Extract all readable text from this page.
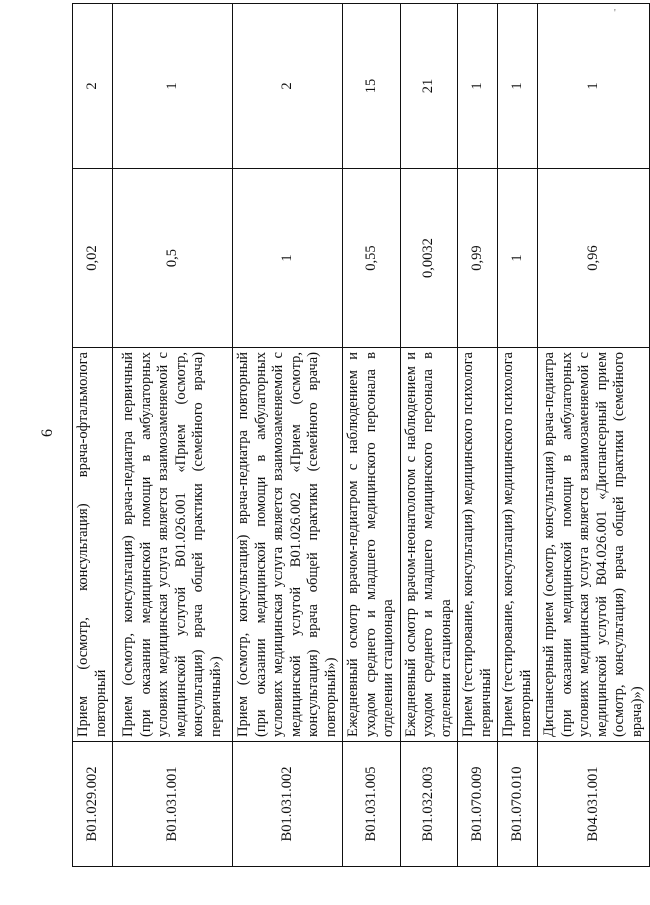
'
6
B01.029.002	Прием (осмотр, консультация) врача-офтальмолога повторный	0,02	2
B01.031.001	Прием (осмотр, консультация) врача-педиатра первичный (при оказании медицинской помощи в амбулаторных условиях медицинская услуга является взаимозаменяемой с медицинской услугой B01.026.001 «Прием (осмотр, консультация) врача общей практики (семейного врача) первичный»)	0,5	1
B01.031.002	Прием (осмотр, консультация) врача-педиатра повторный (при оказании медицинской помощи в амбулаторных условиях медицинская услуга является взаимозаменяемой с медицинской услугой B01.026.002 «Прием (осмотр, консультация) врача общей практики (семейного врача) повторный»)	1	2
B01.031.005	Ежедневный осмотр врачом-педиатром с наблюдением и уходом среднего и младшего медицинского персонала в отделении стационара	0,55	15
B01.032.003	Ежедневный осмотр врачом-неонатологом с наблюдением и уходом среднего и младшего медицинского персонала в отделении стационара	0,0032	21
B01.070.009	Прием (тестирование, консультация) медицинского психолога первичный	0,99	1
B01.070.010	Прием (тестирование, консультация) медицинского психолога повторный	1	1
B04.031.001	Диспансерный прием (осмотр, консультация) врача-педиатра (при оказании медицинской помощи в амбулаторных условиях медицинская услуга является взаимозаменяемой с медицинской услугой B04.026.001 «Диспансерный прием (осмотр, консультация) врача общей практики (семейного врача)»)	0,96	1
